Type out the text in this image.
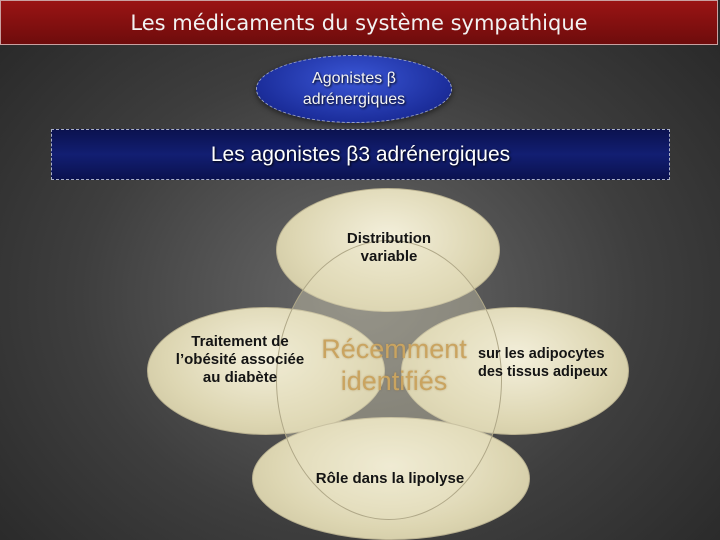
Les médicaments du système sympathique
Agonistes β
adrénergiques
Les agonistes β3 adrénergiques
Distribution
variable
Traitement de
l’obésité associée
au diabète
sur les adipocytes
des tissus adipeux
Rôle dans la lipolyse
Récemment
identifiés
